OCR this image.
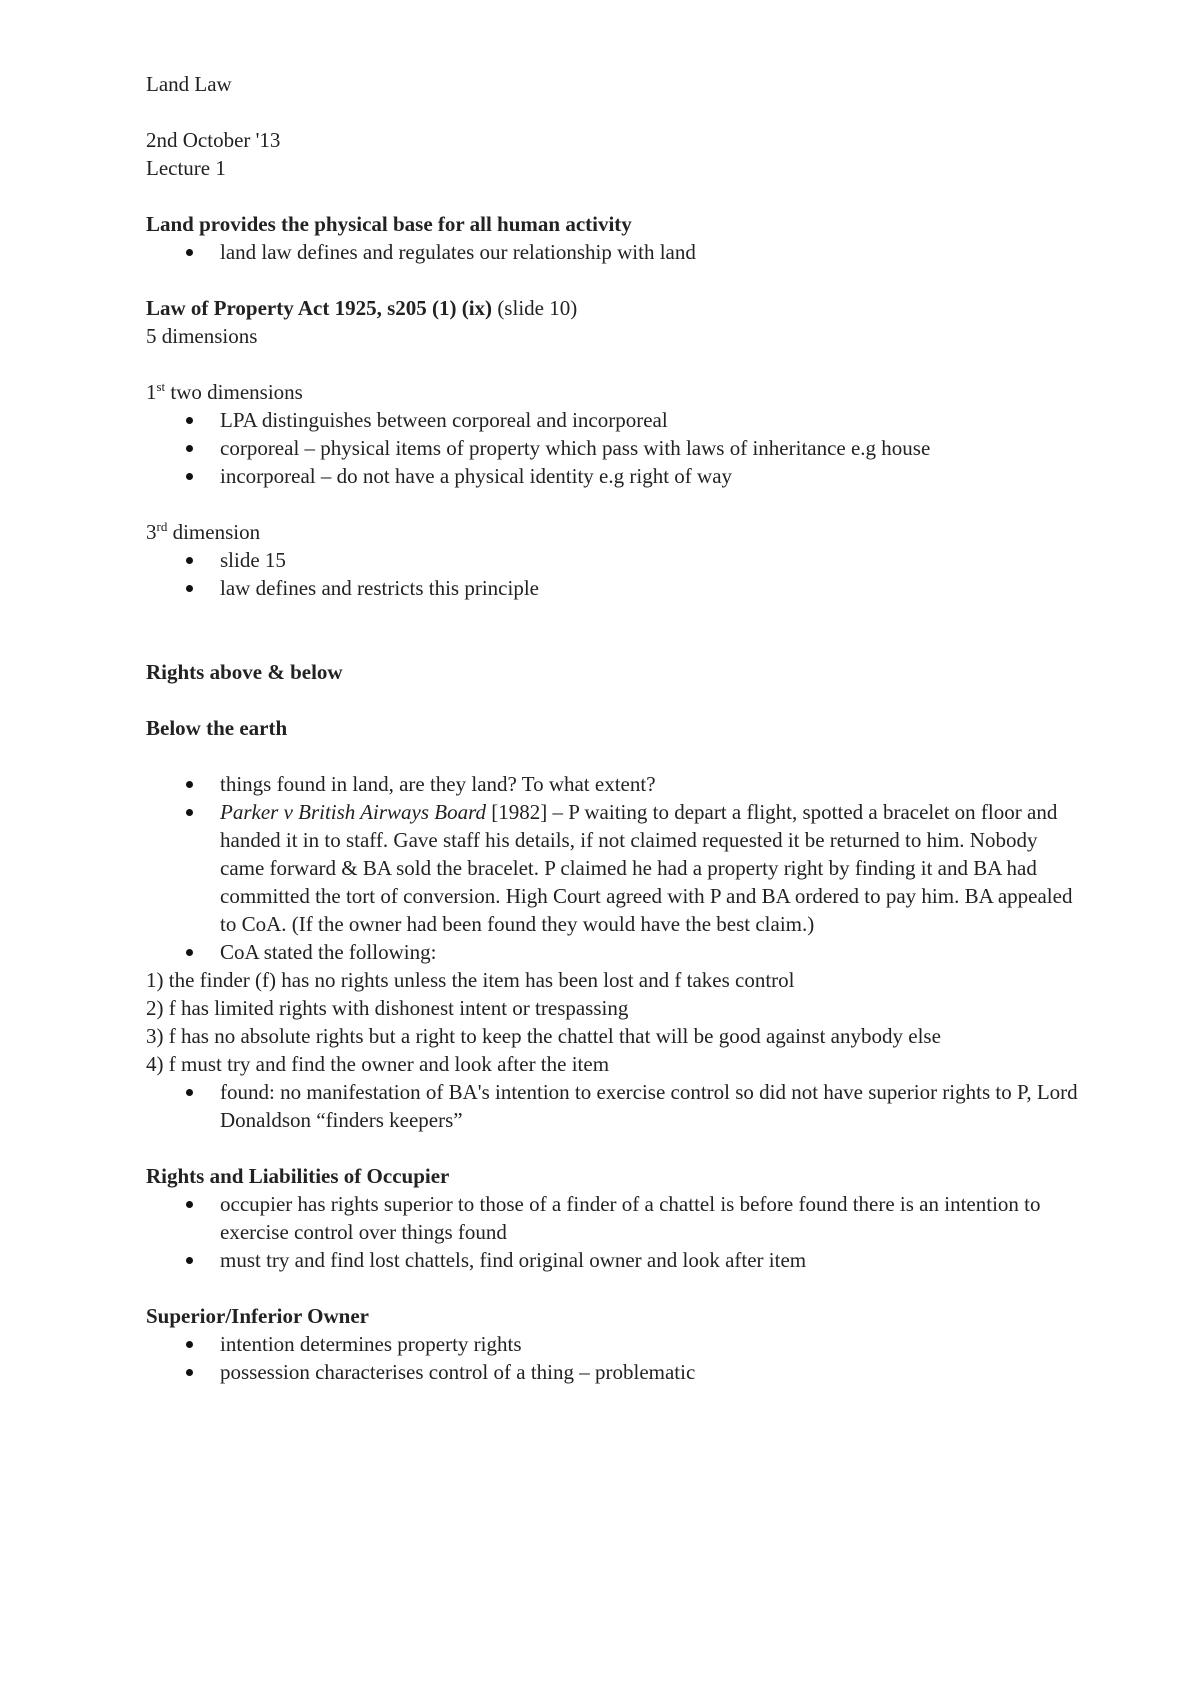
Land Law

2nd October '13

Lecture 1

Land provides the physical base for all human activity

land law defines and regulates our relationship with land

Law of Property Act 1925, s205 (1) (ix) (slide 10)

5 dimensions

1st two dimensions

LPA distinguishes between corporeal and incorporeal
corporeal – physical items of property which pass with laws of inheritance e.g house
incorporeal – do not have a physical identity e.g right of way

3rd dimension

slide 15
law defines and restricts this principle

Rights above & below

Below the earth

things found in land, are they land? To what extent?
Parker v British Airways Board [1982] – P waiting to depart a flight, spotted a bracelet on floor and handed it in to staff. Gave staff his details, if not claimed requested it be returned to him. Nobody came forward & BA sold the bracelet. P claimed he had a property right by finding it and BA had committed the tort of conversion. High Court agreed with P and BA ordered to pay him. BA appealed to CoA. (If the owner had been found they would have the best claim.)
CoA stated the following:

1) the finder (f) has no rights unless the item has been lost and f takes control

2) f has limited rights with dishonest intent or trespassing

3) f has no absolute rights but a right to keep the chattel that will be good against anybody else

4) f must try and find the owner and look after the item

found: no manifestation of BA's intention to exercise control so did not have superior rights to P, Lord Donaldson “finders keepers”

Rights and Liabilities of Occupier

occupier has rights superior to those of a finder of a chattel is before found there is an intention to exercise control over things found
must try and find lost chattels, find original owner and look after item

Superior/Inferior Owner

intention determines property rights
possession characterises control of a thing – problematic
